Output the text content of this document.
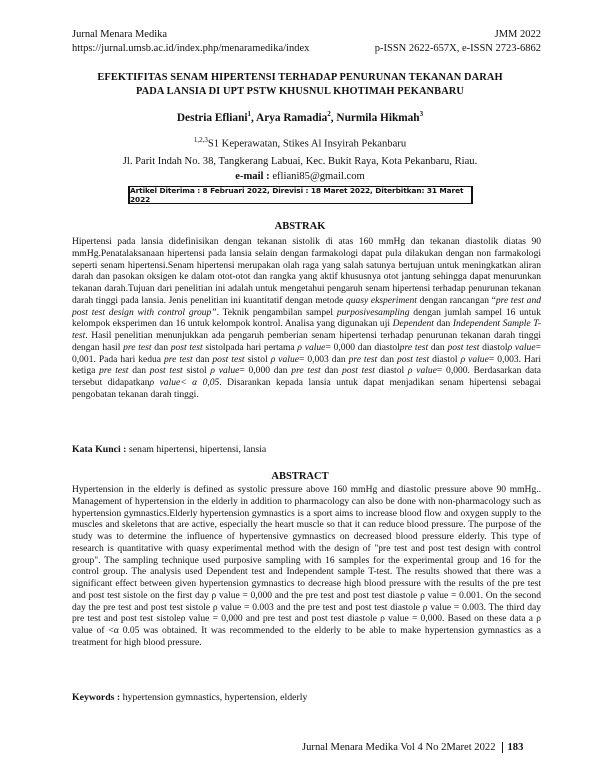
Jurnal Menara Medika	JMM 2022
https://jurnal.umsb.ac.id/index.php/menaramedika/index	p-ISSN 2622-657X, e-ISSN 2723-6862
EFEKTIFITAS SENAM HIPERTENSI TERHADAP PENURUNAN TEKANAN DARAH
PADA LANSIA DI UPT PSTW KHUSNUL KHOTIMAH PEKANBARU
Destria Efliani$^1$, Arya Ramadia$^2$, Nurmila Hikmah$^3$
$^{1,2,3}$S1 Keperawatan, Stikes Al Insyirah Pekanbaru
Jl. Parit Indah No. 38, Tangkerang Labuai, Kec. Bukit Raya, Kota Pekanbaru, Riau.
e-mail : efliani85@gmail.com
Artikel Diterima : 8 Februari 2022, Direvisi : 18 Maret 2022, Diterbitkan: 31 Maret 2022
ABSTRAK
Hipertensi pada lansia didefinisikan dengan tekanan sistolik di atas 160 mmHg dan tekanan diastolik diatas 90 mmHg.Penatalaksanaan hipertensi pada lansia selain dengan farmakologi dapat pula dilakukan dengan non farmakologi seperti senam hipertensi.Senam hipertensi merupakan olah raga yang salah satunya bertujuan untuk meningkatkan aliran darah dan pasokan oksigen ke dalam otot-otot dan rangka yang aktif khususnya otot jantung sehingga dapat menurunkan tekanan darah.Tujuan dari penelitian ini adalah untuk mengetahui pengaruh senam hipertensi terhadap penurunan tekanan darah tinggi pada lansia. Jenis penelitian ini kuantitatif dengan metode quasy eksperiment dengan rancangan “pre test and post test design with control group”. Teknik pengambilan sampel purposivesampling dengan jumlah sampel 16 untuk kelompok eksperimen dan 16 untuk kelompok kontrol. Analisa yang digunakan uji Dependent dan Independent Sample T-test. Hasil penelitian menunjukkan ada pengaruh pemberian senam hipertensi terhadap penurunan tekanan darah tinggi dengan hasil pre test dan post test sistolpada hari pertama ρ value= 0,000 dan diastolpre test dan post test diastolρ value= 0,001. Pada hari kedua pre test dan post test sistol ρ value= 0,003 dan pre test dan post test diastol ρ value= 0,003. Hari ketiga pre test dan post test sistol ρ value= 0,000 dan pre test dan post test diastol ρ value= 0,000. Berdasarkan data tersebut didapatkanρ value< α 0,05. Disarankan kepada lansia untuk dapat menjadikan senam hipertensi sebagai pengobatan tekanan darah tinggi.
Kata Kunci : senam hipertensi, hipertensi, lansia
ABSTRACT
Hypertension in the elderly is defined as systolic pressure above 160 mmHg and diastolic pressure above 90 mmHg.. Management of hypertension in the elderly in addition to pharmacology can also be done with non-pharmacology such as hypertension gymnastics.Elderly hypertension gymnastics is a sport aims to increase blood flow and oxygen supply to the muscles and skeletons that are active, especially the heart muscle so that it can reduce blood pressure. The purpose of the study was to determine the influence of hypertensive gymnastics on decreased blood pressure elderly. This type of research is quantitative with quasy experimental method with the design of "pre test and post test design with control group". The sampling technique used purposive sampling with 16 samples for the experimental group and 16 for the control group. The analysis used Dependent test and Independent sample T-test. The results showed that there was a significant effect between given hypertension gymnastics to decrease high blood pressure with the results of the pre test and post test sistole on the first day ρ value = 0,000 and the pre test and post test diastole ρ value = 0.001. On the second day the pre test and post test sistole ρ value = 0.003 and the pre test and post test diastole ρ value = 0.003. The third day pre test and post test sistoleρ value = 0,000 and pre test and post test diastole ρ value = 0,000. Based on these data a ρ value of <α 0.05 was obtained. It was recommended to the elderly to be able to make hypertension gymnastics as a treatment for high blood pressure.
Keywords : hypertension gymnastics, hypertension, elderly
Jurnal Menara Medika Vol 4 No 2Maret 2022 183
